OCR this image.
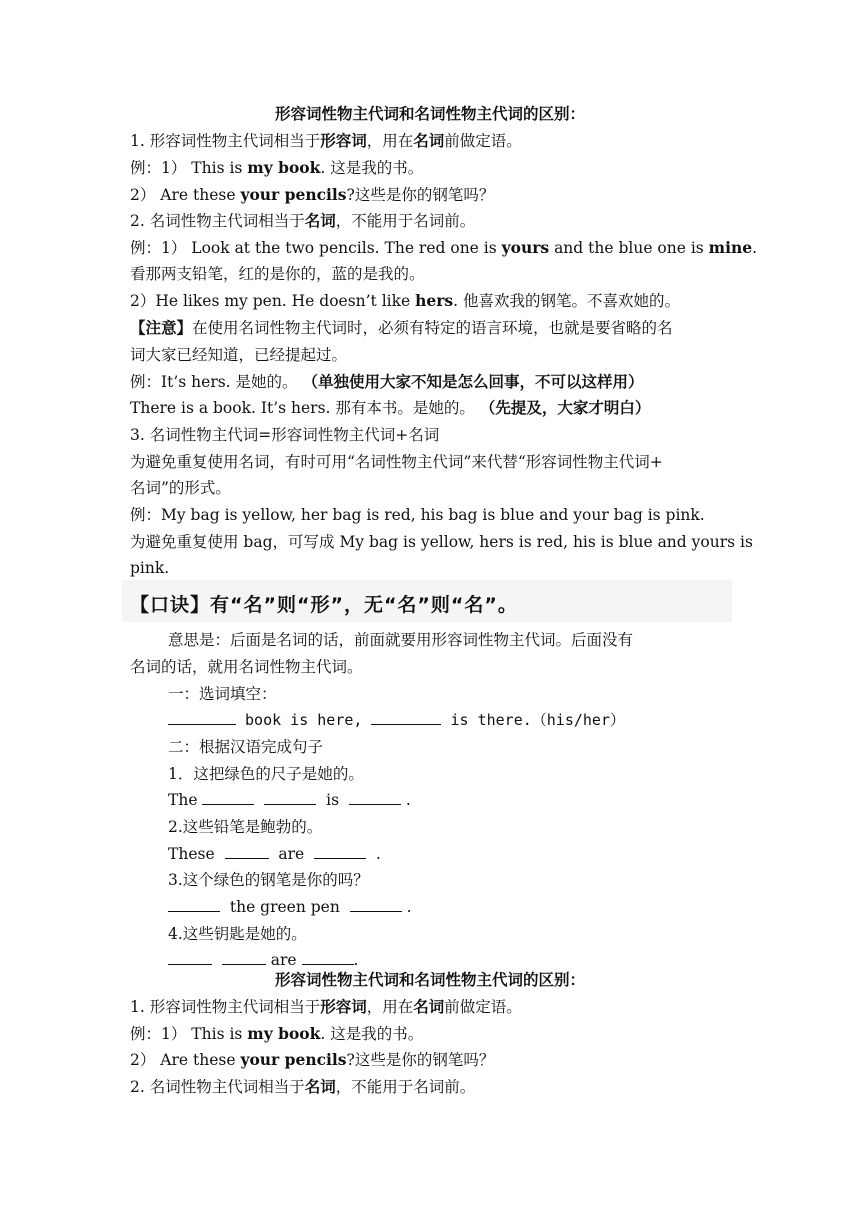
形容词性物主代词和名词性物主代词的区别：
1. 形容词性物主代词相当于形容词，用在名词前做定语。
例：1） This is my book. 这是我的书。
2） Are these your pencils?这些是你的钢笔吗？
2. 名词性物主代词相当于名词，不能用于名词前。
例：1） Look at the two pencils. The red one is yours and the blue one is mine.
看那两支铅笔，红的是你的，蓝的是我的。
2）He likes my pen. He doesn’t like hers. 他喜欢我的钢笔。不喜欢她的。
【注意】在使用名词性物主代词时，必须有特定的语言环境，也就是要省略的名
词大家已经知道，已经提起过。
例：It’s hers. 是她的。 （单独使用大家不知是怎么回事，不可以这样用）
There is a book. It’s hers. 那有本书。是她的。 （先提及，大家才明白）
3. 名词性物主代词=形容词性物主代词+名词
为避免重复使用名词，有时可用“名词性物主代词”来代替“形容词性物主代词+
名词”的形式。
例：My bag is yellow, her bag is red, his bag is blue and your bag is pink.
为避免重复使用 bag，可写成 My bag is yellow, hers is red, his is blue and yours is
pink.
【口诀】有“名”则“形”，无“名”则“名”。
意思是：后面是名词的话，前面就要用形容词性物主代词。后面没有
名词的话，就用名词性物主代词。
一：选词填空：
book is here,	is there.（his/her）
二：根据汉语完成句子
1．这把绿色的尺子是她的。
The	is	.
2.这些铅笔是鲍勃的。
These	are	.
3.这个绿色的钢笔是你的吗？
the green pen	.
4.这些钥匙是她的。
are	.
形容词性物主代词和名词性物主代词的区别：
1. 形容词性物主代词相当于形容词，用在名词前做定语。
例：1） This is my book. 这是我的书。
2） Are these your pencils?这些是你的钢笔吗？
2. 名词性物主代词相当于名词，不能用于名词前。
